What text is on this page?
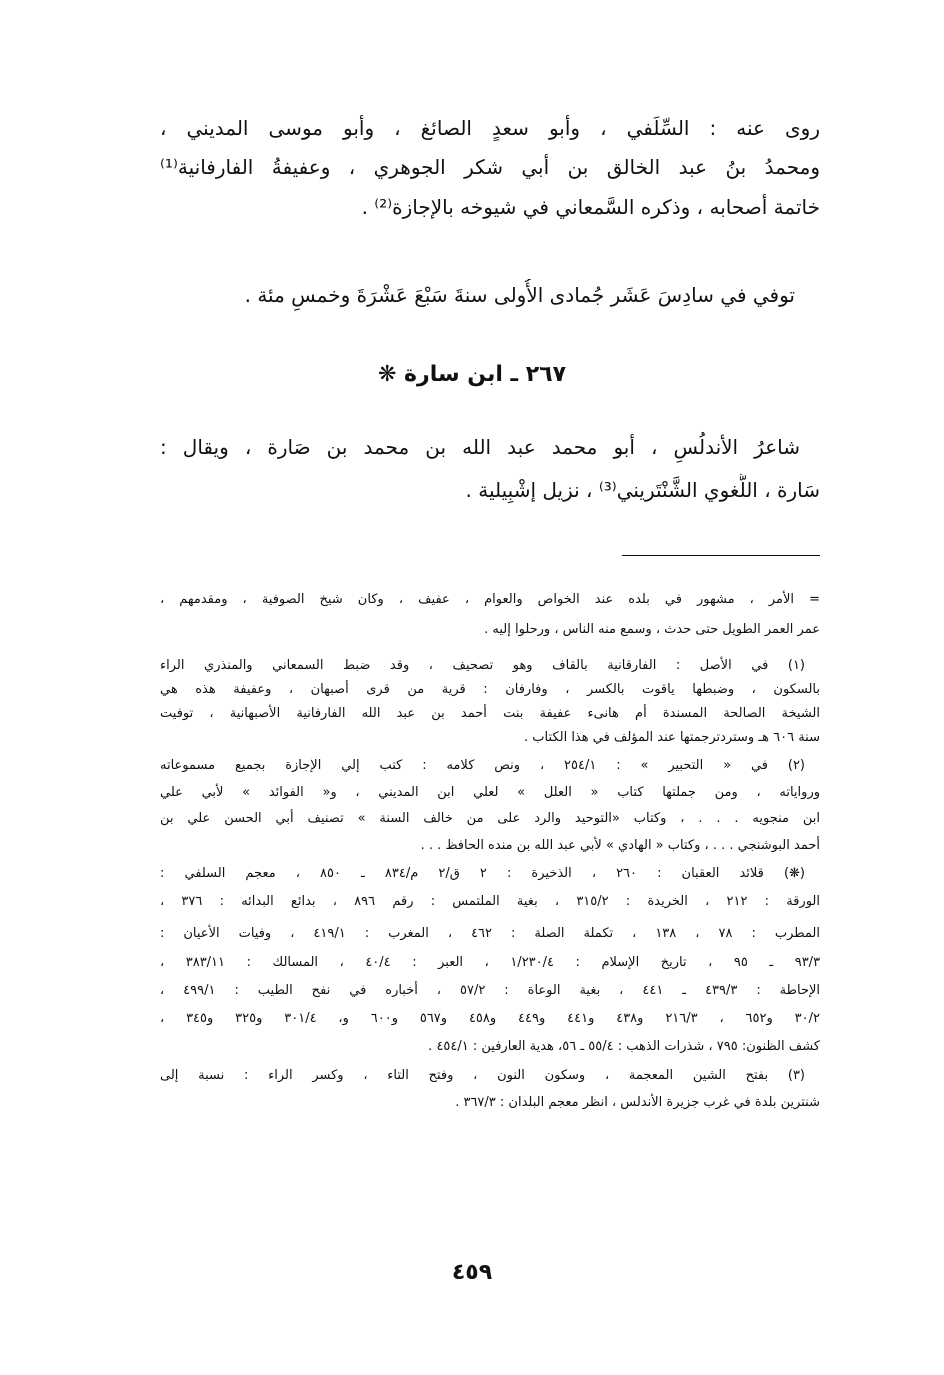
روى عنه : السِّلَفي ، وأبو سعدٍ الصائغ ، وأبو موسى المديني ،
ومحمدُ بنُ عبد الخالق بن أبي شكر الجوهري ، وعفيفةُ الفارفانية⁽¹⁾
خاتمة أصحابه ، وذكره السَّمعاني في شيوخه بالإجازة⁽²⁾ .
توفي في سادِسَ عَشَر جُمادى الأُولى سنةَ سَبْعَ عَشْرَةَ وخمسِ مئة .
٢٦٧ ـ ابن سارة ❋
شاعرُ الأندلُسِ ، أبو محمد عبد الله بن محمد بن صَارة ، ويقال :
سَارة ، اللُّغوي الشَّنْتَريني⁽³⁾ ، نزيل إشْبِيلية .
= الأمر ، مشهور في بلده عند الخواص والعوام ، عفيف ، وكان شيخ الصوفية ، ومقدمهم ،
عمر العمر الطويل حتى حدث ، وسمع منه الناس ، ورحلوا إليه .
(١) في الأصل : الفارقانية بالقاف وهو تصحيف ، وقد ضبط السمعاني والمنذري الراء
بالسكون ، وضبطها ياقوت بالكسر ، وفارفان : قرية من قرى أصبهان ، وعفيفة هذه هي
الشيخة الصالحة المسندة أم هانىء عفيفة بنت أحمد بن عبد الله الفارفانية الأصبهانية ، توفيت
سنة ٦٠٦ هـ وستردترجمتها عند المؤلف في هذا الكتاب .
(٢) في « التحبير » : ٢٥٤/١ ، ونص كلامه : كتب إلي الإجازة بجميع مسموعاته
ورواياته ، ومن جملتها كتاب « العلل » لعلي ابن المديني ، و« الفوائد » لأبي علي
ابن منجويه . . . ، وكتاب «التوحيد والرد على من خالف السنة » تصنيف أبي الحسن علي بن
أحمد البوشنجي . . . ، وكتاب « الهادي » لأبي عبد الله بن منده الحافظ . . .
(❋) قلائد العقبان : ٢٦٠ ، الذخيرة : ٢ ق/٢ م/٨٣٤ ـ ٨٥٠ ، معجم السلفي :
الورقة : ٢١٢ ، الخريدة : ٣١٥/٢ ، بغية الملتمس : رقم ٨٩٦ ، بدائع البدائه : ٣٧٦ ،
المطرب : ٧٨ ، ١٣٨ ، تكملة الصلة : ٤٦٢ ، المغرب : ٤١٩/١ ، وفيات الأعيان :
٩٣/٣ ـ ٩٥ ، تاريخ الإسلام : ١/٢٣٠/٤ ، العبر : ٤٠/٤ ، المسالك : ٣٨٣/١١ ،
الإحاطة : ٤٣٩/٣ ـ ٤٤١ ، بغية الوعاة : ٥٧/٢ ، أخباره في نفح الطيب : ٤٩٩/١ ،
٣٠/٢ و٦٥٢ ، ٢١٦/٣ و٤٣٨ و٤٤١ و٤٤٩ و٤٥٨ و٥٦٧ و٦٠٠ و، ٣٠١/٤ و٣٢٥ و٣٤٥ ،
كشف الظنون: ٧٩٥ ، شذرات الذهب : ٥٥/٤ ـ ٥٦، هدية العارفين : ٤٥٤/١ .
(٣) بفتح الشين المعجمة ، وسكون النون ، وفتح التاء ، وكسر الراء : نسبة إلى
شنترين بلدة في غرب جزيرة الأندلس ، انظر معجم البلدان : ٣٦٧/٣ .
٤٥٩
